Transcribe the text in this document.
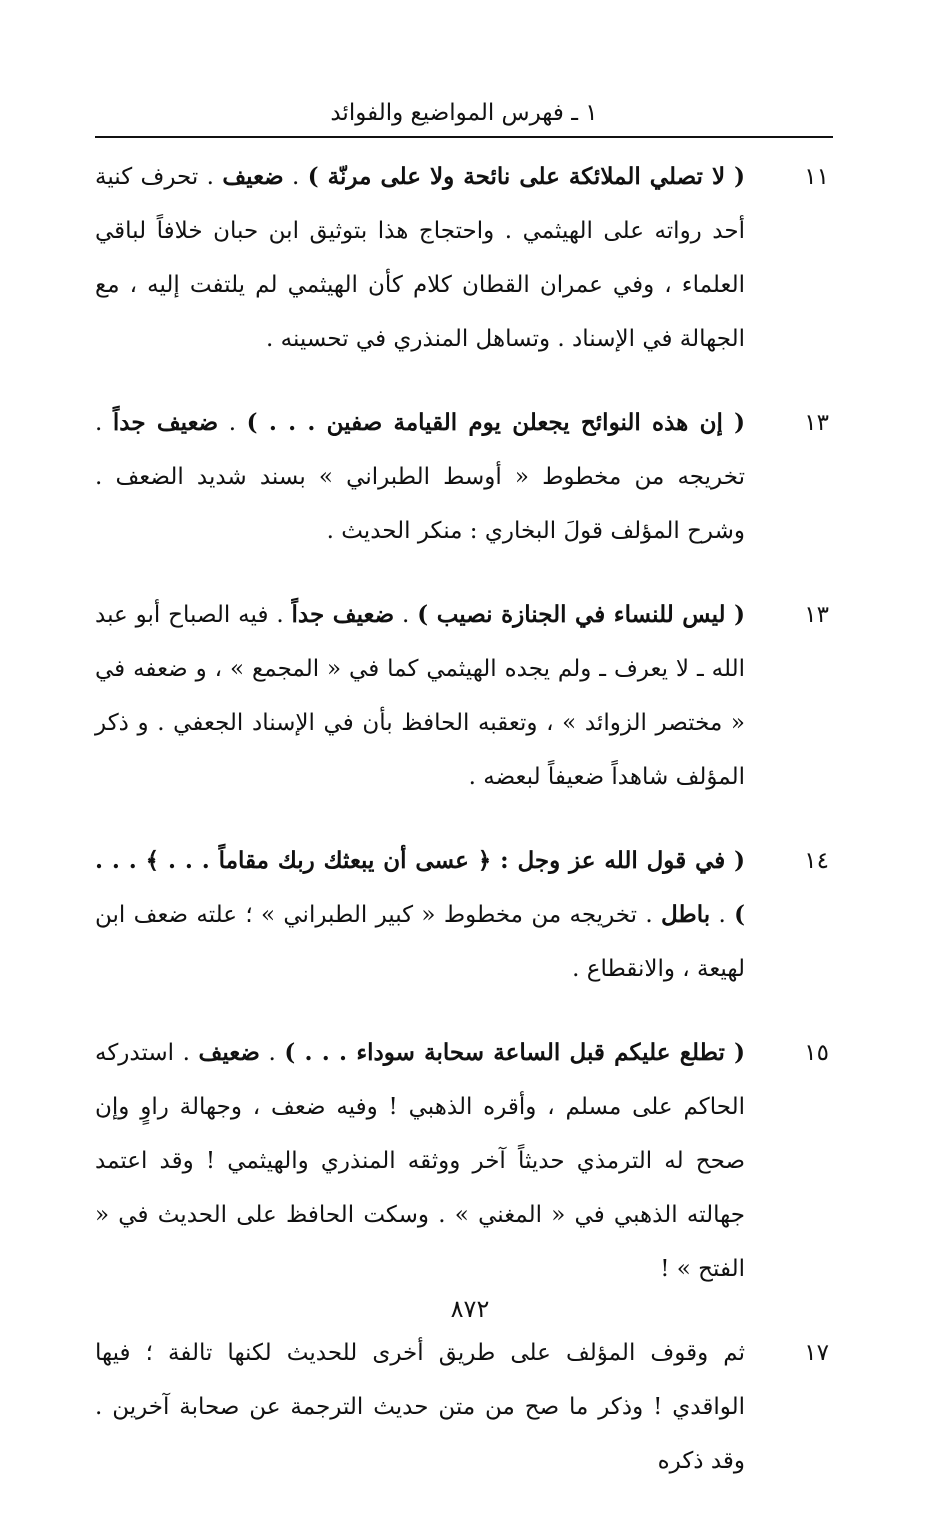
١ ـ فهرس المواضيع والفوائد
١١

( لا تصلي الملائكة على نائحة ولا على مرنّة ) . ضعيف . تحرف كنية أحد رواته على الهيثمي . واحتجاج هذا بتوثيق ابن حبان خلافاً لباقي العلماء ، وفي عمران القطان كلام كأن الهيثمي لم يلتفت إليه ، مع الجهالة في الإسناد . وتساهل المنذري في تحسينه .

١٣

( إن هذه النوائح يجعلن يوم القيامة صفين . . . ) . ضعيف جداً . تخريجه من مخطوط « أوسط الطبراني » بسند شديد الضعف . وشرح المؤلف قولَ البخاري : منكر الحديث .

١٣

( ليس للنساء في الجنازة نصيب ) . ضعيف جداً . فيه الصباح أبو عبد الله ـ لا يعرف ـ ولم يجده الهيثمي كما في « المجمع » ، و ضعفه في « مختصر الزوائد » ، وتعقبه الحافظ بأن في الإسناد الجعفي . و ذكر المؤلف شاهداً ضعيفاً لبعضه .

١٤

( في قول الله عز وجل : ﴿ عسى أن يبعثك ربك مقاماً . . . ﴾ . . . ) . باطل . تخريجه من مخطوط « كبير الطبراني » ؛ علته ضعف ابن لهيعة ، والانقطاع .

١٥

( تطلع عليكم قبل الساعة سحابة سوداء . . . ) . ضعيف . استدركه الحاكم على مسلم ، وأقره الذهبي ! وفيه ضعف ، وجهالة راوٍ وإن صحح له الترمذي حديثاً آخر ووثقه المنذري والهيثمي ! وقد اعتمد جهالته الذهبي في « المغني » . وسكت الحافظ على الحديث في « الفتح » !

١٧

ثم وقوف المؤلف على طريق أخرى للحديث لكنها تالفة ؛ فيها الواقدي ! وذكر ما صح من متن حديث الترجمة عن صحابة آخرين . وقد ذكره

٨٧٢
